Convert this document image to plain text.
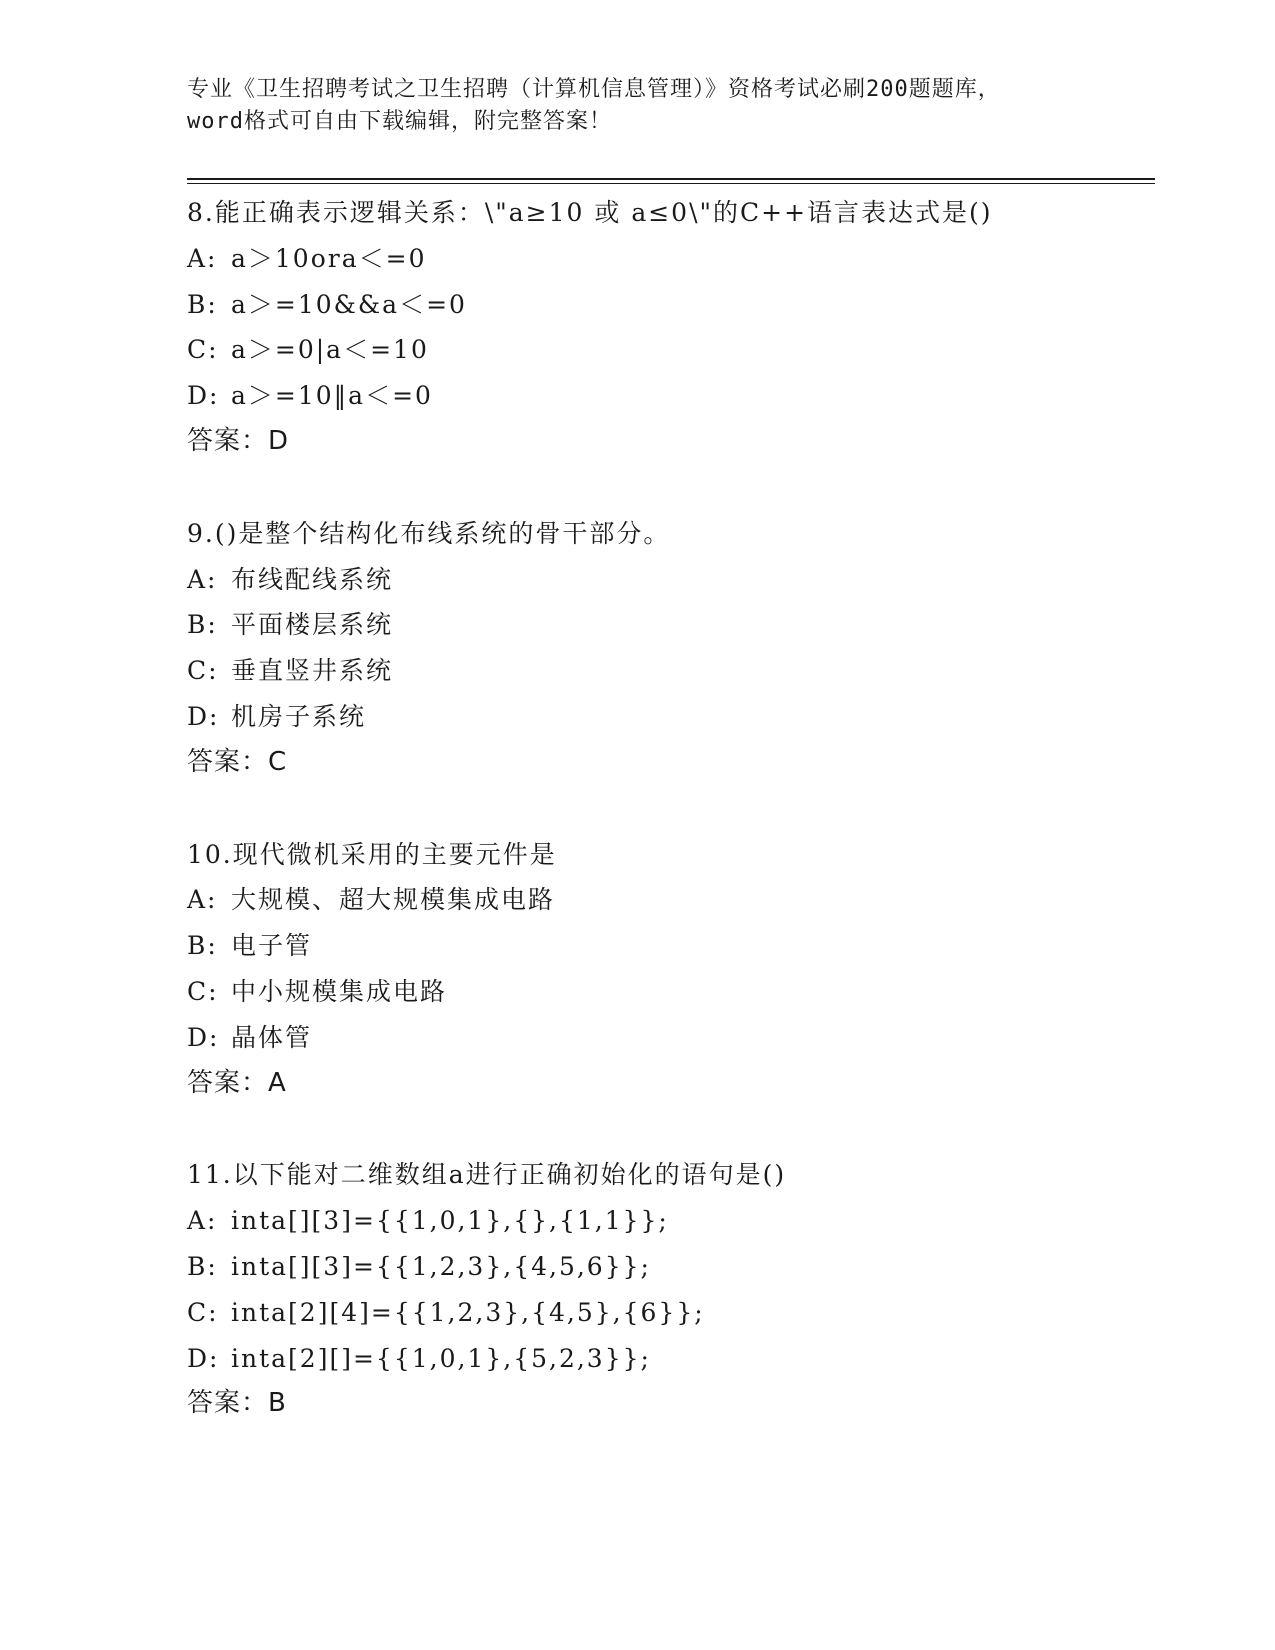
专业《卫生招聘考试之卫生招聘（计算机信息管理）》资格考试必刷200题题库，
word格式可自由下载编辑，附完整答案！
8.能正确表示逻辑关系：\"a≥10 或 a≤0\"的C++语言表达式是()
A: a＞10ora＜=0
B: a＞=10&&a＜=0
C: a＞=0|a＜=10
D: a＞=10‖a＜=0
答案：D
9.()是整个结构化布线系统的骨干部分。
A: 布线配线系统
B: 平面楼层系统
C: 垂直竖井系统
D: 机房子系统
答案：C
10.现代微机采用的主要元件是
A: 大规模、超大规模集成电路
B: 电子管
C: 中小规模集成电路
D: 晶体管
答案：A
11.以下能对二维数组a进行正确初始化的语句是()
A: inta[][3]={{1,0,1},{},{1,1}};
B: inta[][3]={{1,2,3},{4,5,6}};
C: inta[2][4]={{1,2,3},{4,5},{6}};
D: inta[2][]={{1,0,1},{5,2,3}};
答案：B
